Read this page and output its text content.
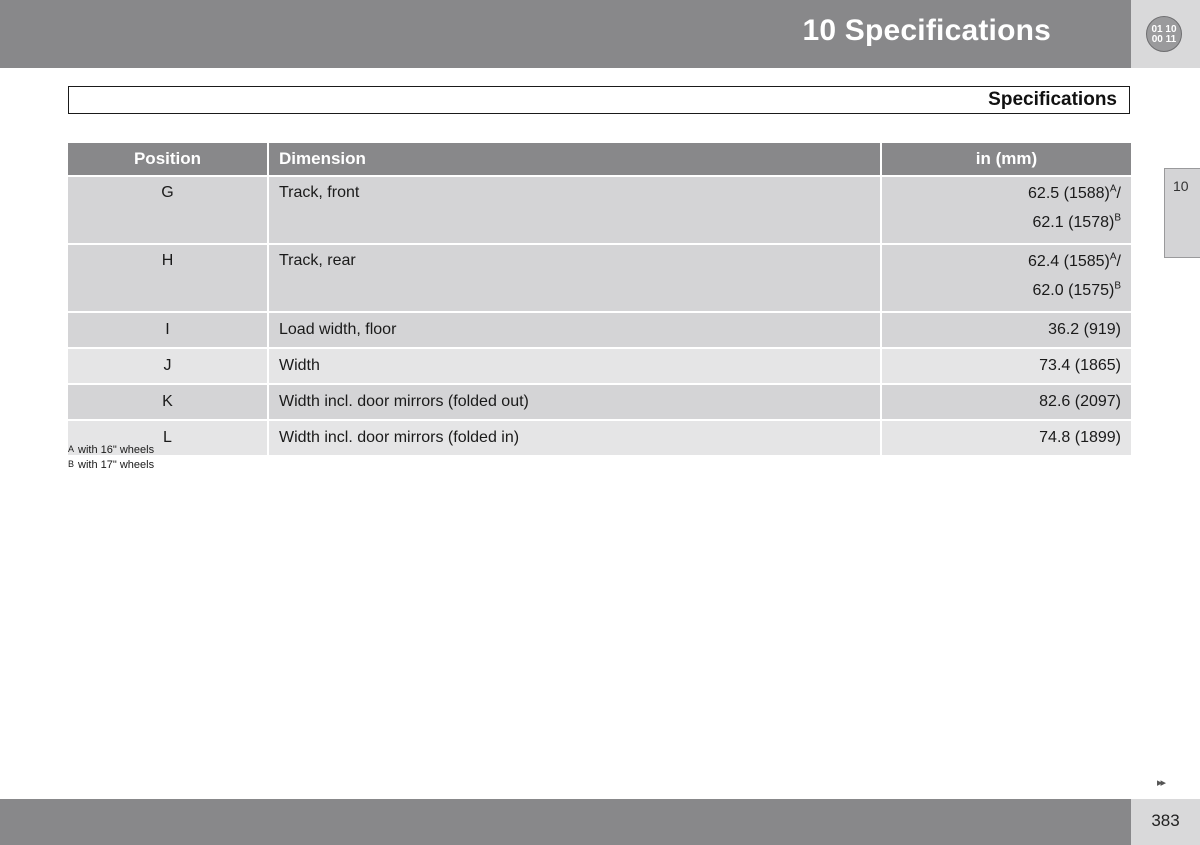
10 Specifications	01 10
00 11
Specifications
Position	Dimension	in (mm)
G	Track, front	62.5 $(1588)^A/$
62.1 $(1578)^B$
H	Track, rear	62.4 $(1585)^A/$
62.0 $(1575)^B$
I	Load width, floor	36.2 (919)
J	Width	73.4 (1865)
K	Width incl. door mirrors (folded out)	82.6 (2097)
L	Width incl. door mirrors (folded in)	74.8 (1899)
A with 16" wheels
B with 17" wheels
10
▸▸
383
